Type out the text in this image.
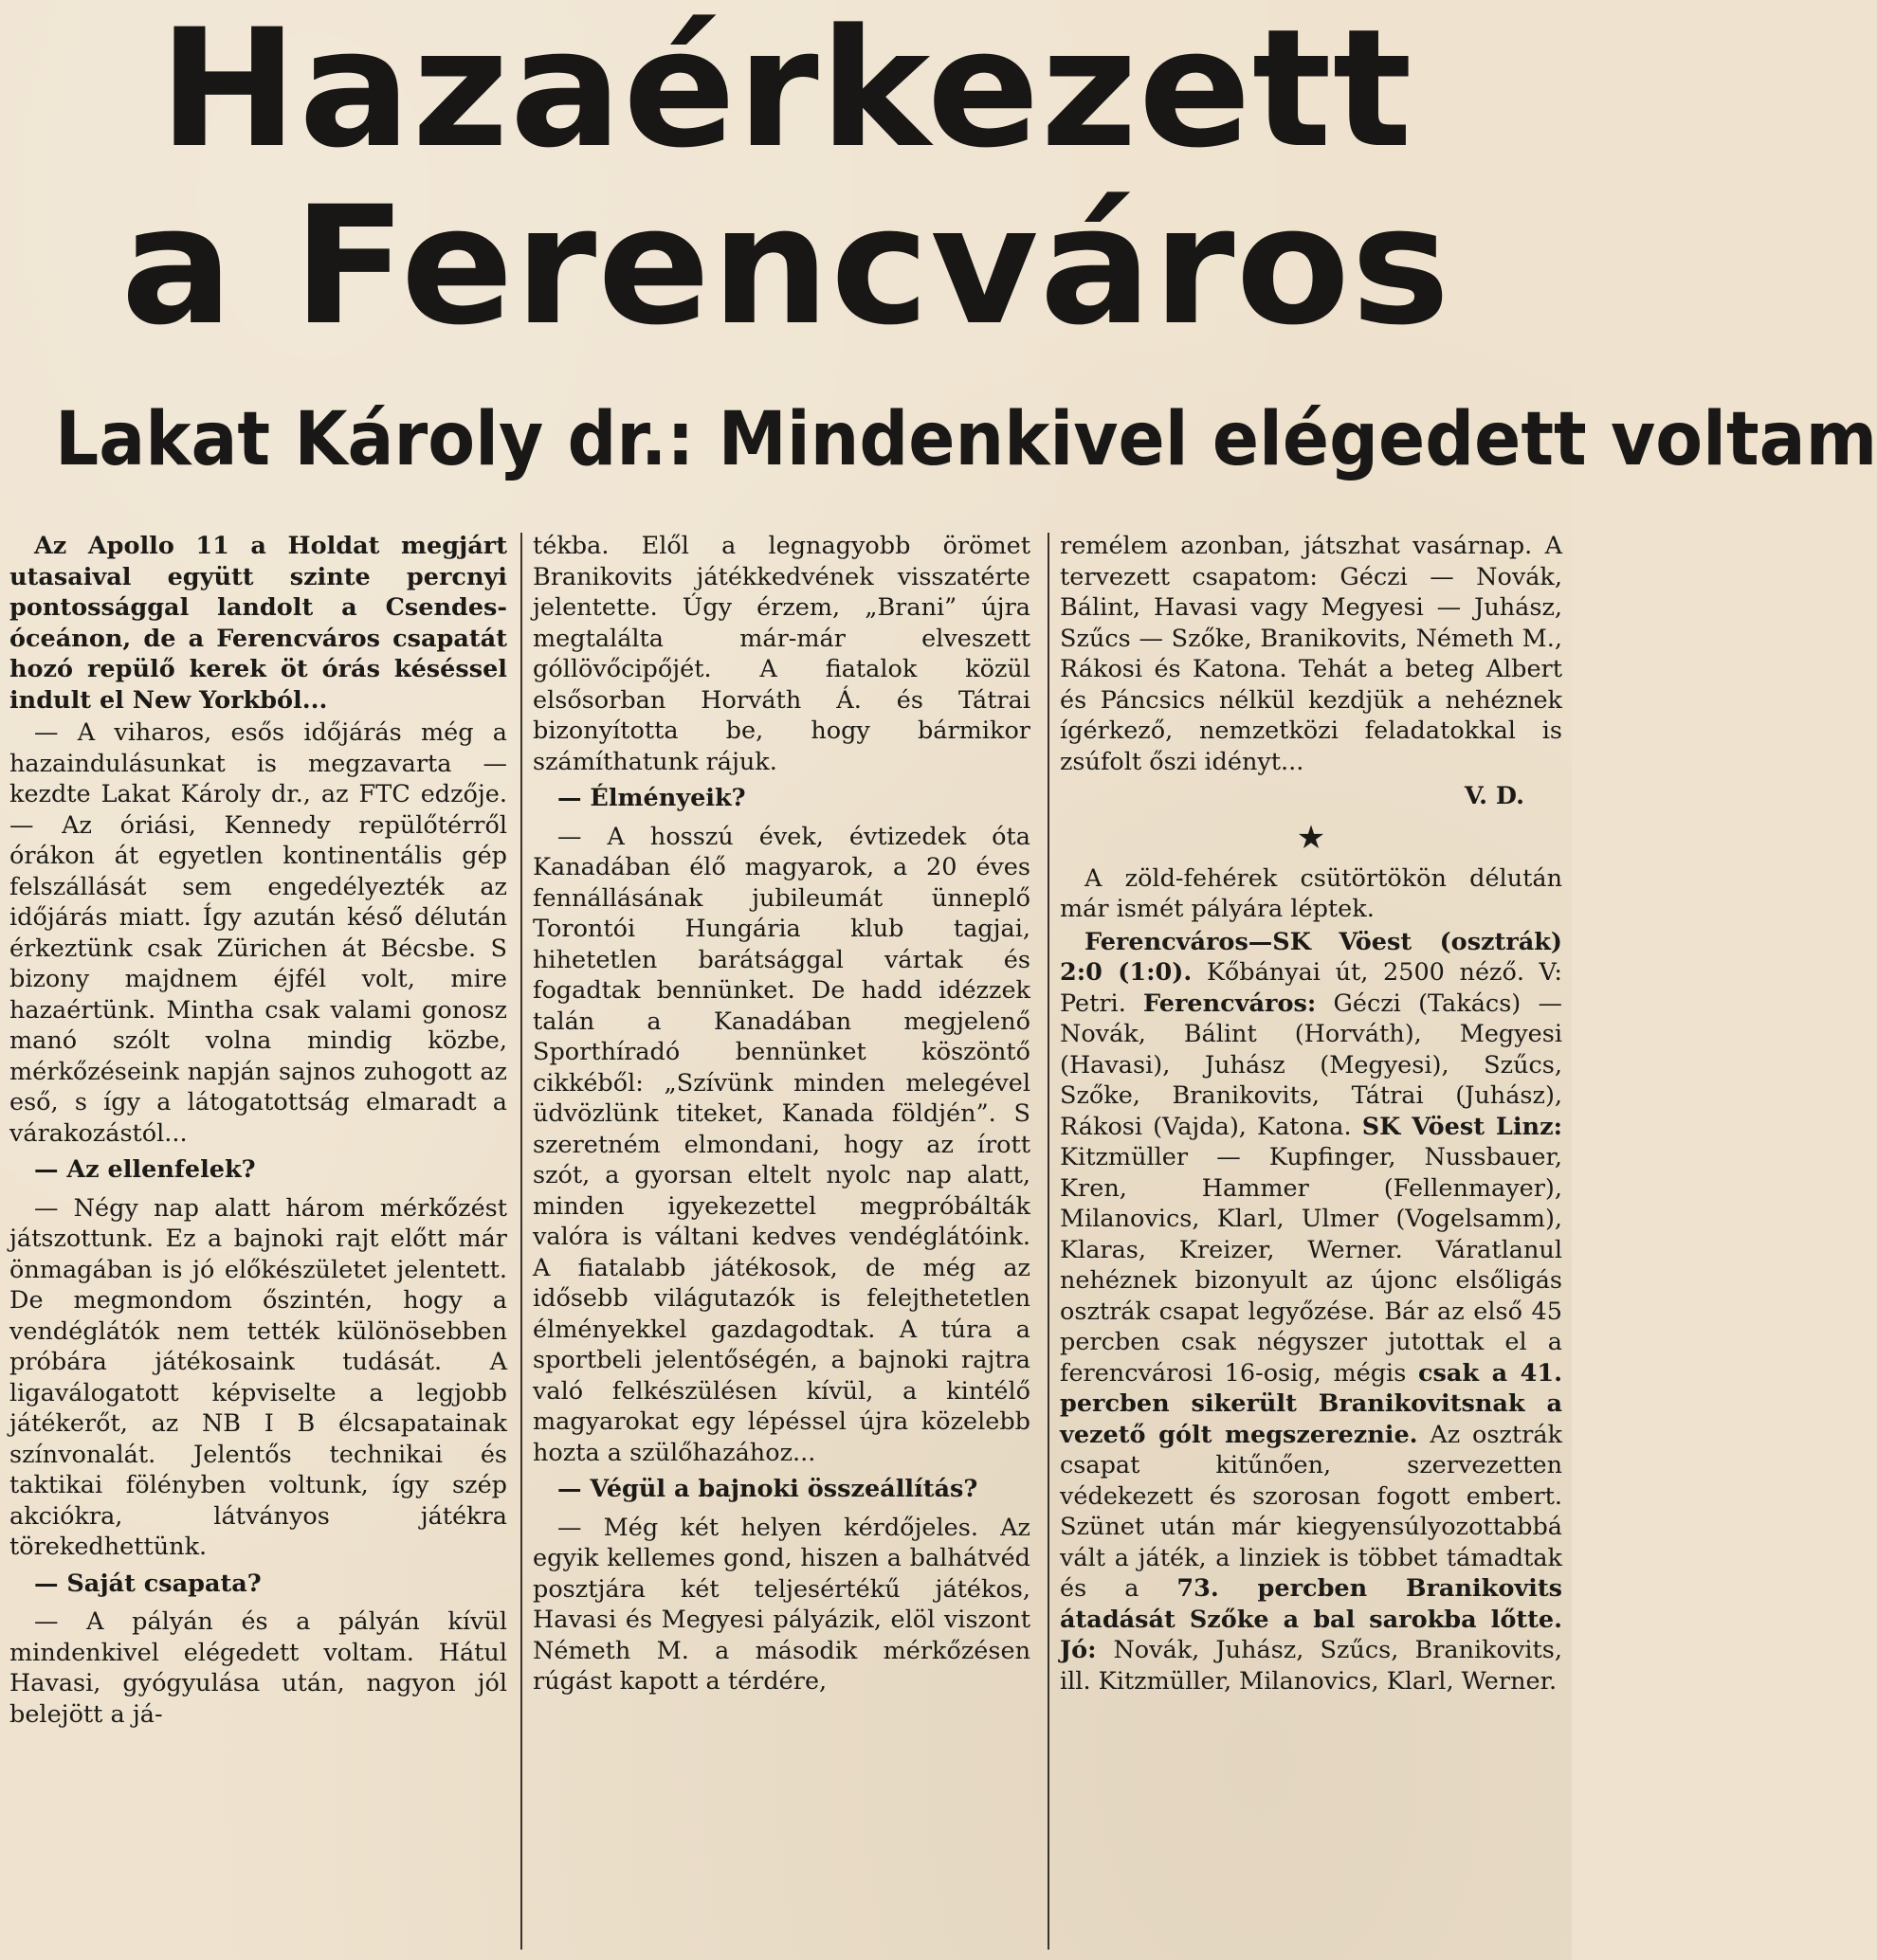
Hazaérkezett
a Ferencváros
Lakat Károly dr.: Mindenkivel elégedett voltam

Az Apollo 11 a Holdat megjárt utasaival együtt szinte percnyi pontossággal landolt a Csendes-óceánon, de a Ferencváros csapatát hozó repülő kerek öt órás késéssel indult el New Yorkból...

— A viharos, esős időjárás még a hazaindulásunkat is megzavarta — kezdte Lakat Károly dr., az FTC edzője. — Az óriási, Kennedy repülőtérről órákon át egyetlen kontinentális gép felszállását sem engedélyezték az időjárás miatt. Így azután késő délután érkeztünk csak Zürichen át Bécsbe. S bizony majdnem éjfél volt, mire hazaértünk. Mintha csak valami gonosz manó szólt volna mindig közbe, mérkőzéseink napján sajnos zuhogott az eső, s így a látogatottság elmaradt a várakozástól...

— Az ellenfelek?

— Négy nap alatt három mérkőzést játszottunk. Ez a bajnoki rajt előtt már önmagában is jó előkészületet jelentett. De megmondom őszintén, hogy a vendéglátók nem tették különösebben próbára játékosaink tudását. A ligaválogatott képviselte a legjobb játékerőt, az NB I B élcsapatainak színvonalát. Jelentős technikai és taktikai fölényben voltunk, így szép akciókra, látványos játékra törekedhettünk.

— Saját csapata?

— A pályán és a pályán kívül mindenkivel elégedett voltam. Hátul Havasi, gyógyulása után, nagyon jól belejött a já-

tékba. Elől a legnagyobb örömet Branikovits játékkedvének visszatérte jelentette. Úgy érzem, „Brani” újra megtalálta már-már elveszett góllövőcipőjét. A fiatalok közül elsősorban Horváth Á. és Tátrai bizonyította be, hogy bármikor számíthatunk rájuk.

— Élményeik?

— A hosszú évek, évtizedek óta Kanadában élő magyarok, a 20 éves fennállásának jubileumát ünneplő Torontói Hungária klub tagjai, hihetetlen barátsággal vártak és fogadtak bennünket. De hadd idézzek talán a Kanadában megjelenő Sporthíradó bennünket köszöntő cikkéből: „Szívünk minden melegével üdvözlünk titeket, Kanada földjén”. S szeretném elmondani, hogy az írott szót, a gyorsan eltelt nyolc nap alatt, minden igyekezettel megpróbálták valóra is váltani kedves vendéglátóink. A fiatalabb játékosok, de még az idősebb világutazók is felejthetetlen élményekkel gazdagodtak. A túra a sportbeli jelentőségén, a bajnoki rajtra való felkészülésen kívül, a kintélő magyarokat egy lépéssel újra közelebb hozta a szülőhazához...

— Végül a bajnoki összeállítás?

— Még két helyen kérdőjeles. Az egyik kellemes gond, hiszen a balhátvéd posztjára két teljesértékű játékos, Havasi és Megyesi pályázik, elöl viszont Németh M. a második mérkőzésen rúgást kapott a térdére,

remélem azonban, játszhat vasárnap. A tervezett csapatom: Géczi — Novák, Bálint, Havasi vagy Megyesi — Juhász, Szűcs — Szőke, Branikovits, Németh M., Rákosi és Katona. Tehát a beteg Albert és Páncsics nélkül kezdjük a nehéznek ígérkező, nemzetközi feladatokkal is zsúfolt őszi idényt...

V. D.

★

A zöld-fehérek csütörtökön délután már ismét pályára léptek.

Ferencváros—SK Vöest (osztrák) 2:0 (1:0). Kőbányai út, 2500 néző. V: Petri. Ferencváros: Géczi (Takács) — Novák, Bálint (Horváth), Megyesi (Havasi), Juhász (Megyesi), Szűcs, Szőke, Branikovits, Tátrai (Juhász), Rákosi (Vajda), Katona. SK Vöest Linz: Kitzmüller — Kupfinger, Nussbauer, Kren, Hammer (Fellenmayer), Milanovics, Klarl, Ulmer (Vogelsamm), Klaras, Kreizer, Werner. Váratlanul nehéznek bizonyult az újonc elsőligás osztrák csapat legyőzése. Bár az első 45 percben csak négyszer jutottak el a ferencvárosi 16-osig, mégis csak a 41. percben sikerült Branikovitsnak a vezető gólt megszereznie. Az osztrák csapat kitűnően, szervezetten védekezett és szorosan fogott embert. Szünet után már kiegyensúlyozottabbá vált a játék, a linziek is többet támadtak és a 73. percben Branikovits átadását Szőke a bal sarokba lőtte. Jó: Novák, Juhász, Szűcs, Branikovits, ill. Kitzmüller, Milanovics, Klarl, Werner.
